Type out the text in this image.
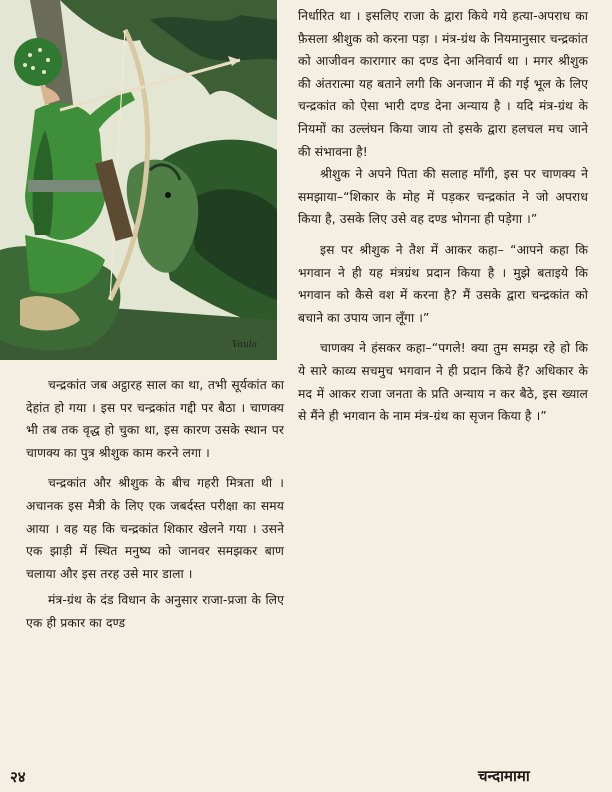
Vaula

चन्द्रकांत जब अट्ठारह साल का था, तभी सूर्यकांत का देहांत हो गया । इस पर चन्द्रकांत गद्दी पर बैठा । चाणक्य भी तब तक वृद्ध हो चुका था, इस कारण उसके स्थान पर चाणक्य का पुत्र श्रीशुक काम करने लगा ।

चन्द्रकांत और श्रीशुक के बीच गहरी मित्रता थी । अचानक इस मैत्री के लिए एक जबर्दस्त परीक्षा का समय आया । वह यह कि चन्द्रकांत शिकार खेलने गया । उसने एक झाड़ी में स्थित मनुष्य को जानवर समझकर बाण चलाया और इस तरह उसे मार डाला ।

मंत्र-ग्रंथ के दंड विधान के अनुसार राजा-प्रजा के लिए एक ही प्रकार का दण्ड

निर्धारित था । इसलिए राजा के द्वारा किये गये हत्या-अपराध का फ़ैसला श्रीशुक को करना पड़ा । मंत्र-ग्रंथ के नियमानुसार चन्द्रकांत को आजीवन कारागार का दण्ड देना अनिवार्य था । मगर श्रीशुक की अंतरात्मा यह बताने लगी कि अनजान में की गई भूल के लिए चन्द्रकांत को ऐसा भारी दण्ड देना अन्याय है । यदि मंत्र-ग्रंथ के नियमों का उल्लंघन किया जाय तो इसके द्वारा हलचल मच जाने की संभावना है!

श्रीशुक ने अपने पिता की सलाह माँगी, इस पर चाणक्य ने समझाया–“शिकार के मोह में पड़कर चन्द्रकांत ने जो अपराध किया है, उसके लिए उसे वह दण्ड भोगना ही पड़ेगा ।”

इस पर श्रीशुक ने तैश में आकर कहा– “आपने कहा कि भगवान ने ही यह मंत्रग्रंथ प्रदान किया है । मुझे बताइये कि भगवान को कैसे वश में करना है? मैं उसके द्वारा चन्द्रकांत को बचाने का उपाय जान लूँगा ।”

चाणक्य ने हंसकर कहा–“पगले! क्या तुम समझ रहे हो कि ये सारे काव्य सचमुच भगवान ने ही प्रदान किये हैं? अधिकार के मद में आकर राजा जनता के प्रति अन्याय न कर बैठे, इस ख्याल से मैंने ही भगवान के नाम मंत्र-ग्रंथ का सृजन किया है ।”

२४	चन्दामामा
